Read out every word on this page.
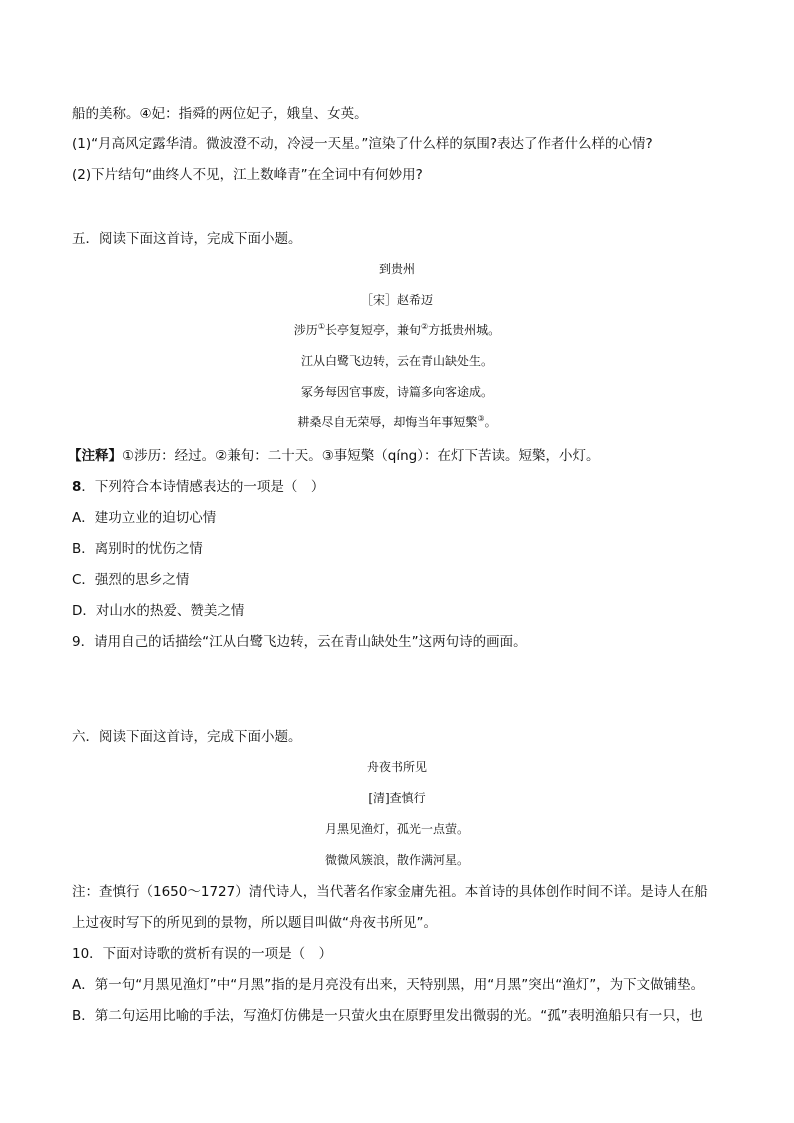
船的美称。④妃：指舜的两位妃子，娥皇、女英。
(1)“月高风定露华清。微波澄不动，冷浸一天星。”渲染了什么样的氛围?表达了作者什么样的心情?
(2)下片结句“曲终人不见，江上数峰青”在全词中有何妙用?
五．阅读下面这首诗，完成下面小题。
到贵州
［宋］赵希迈
涉历①长亭复短亭，兼旬②方抵贵州城。
江从白鹭飞边转，云在青山缺处生。
冢务每因官事废，诗篇多向客途成。
耕桑尽自无荣辱，却悔当年事短檠③。
【注释】①涉历：经过。②兼旬：二十天。③事短檠（qíng）：在灯下苦读。短檠，小灯。
8．下列符合本诗情感表达的一项是（　）
A．建功立业的迫切心情
B．离别时的忧伤之情
C．强烈的思乡之情
D．对山水的热爱、赞美之情
9．请用自己的话描绘“江从白鹭飞边转，云在青山缺处生”这两句诗的画面。
六．阅读下面这首诗，完成下面小题。
舟夜书所见
[清]查慎行
月黑见渔灯，孤光一点萤。
微微风簇浪，散作满河星。
注：查慎行（1650～1727）清代诗人，当代著名作家金庸先祖。本首诗的具体创作时间不详。是诗人在船
上过夜时写下的所见到的景物，所以题目叫做“舟夜书所见”。
10．下面对诗歌的赏析有误的一项是（　）
A．第一句“月黑见渔灯”中“月黑”指的是月亮没有出来，天特别黑，用“月黑”突出“渔灯”，为下文做铺垫。
B．第二句运用比喻的手法，写渔灯仿佛是一只萤火虫在原野里发出微弱的光。“孤”表明渔船只有一只，也
